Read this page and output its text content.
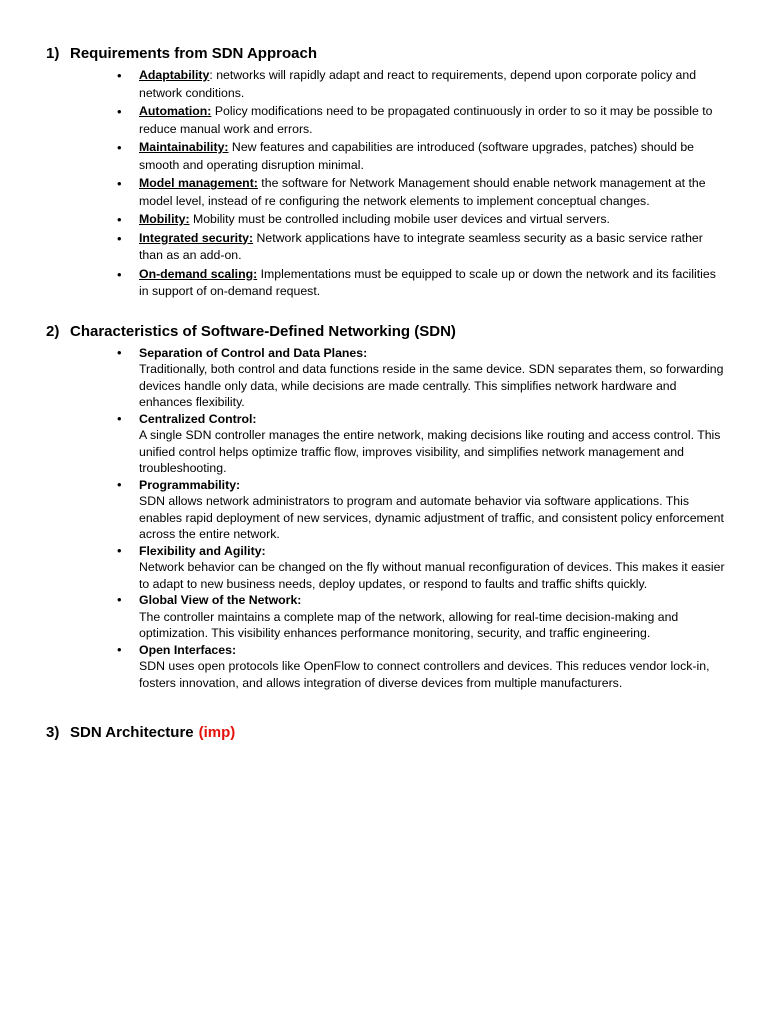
1) Requirements from SDN Approach
• Adaptability: networks will rapidly adapt and react to requirements, depend upon corporate policy and network conditions.
• Automation: Policy modifications need to be propagated continuously in order to so it may be possible to reduce manual work and errors.
• Maintainability: New features and capabilities are introduced (software upgrades, patches) should be smooth and operating disruption minimal.
• Model management: the software for Network Management should enable network management at the model level, instead of re configuring the network elements to implement conceptual changes.
• Mobility: Mobility must be controlled including mobile user devices and virtual servers.
• Integrated security: Network applications have to integrate seamless security as a basic service rather than as an add-on.
• On-demand scaling: Implementations must be equipped to scale up or down the network and its facilities in support of on-demand request.
2) Characteristics of Software-Defined Networking (SDN)
• Separation of Control and Data Planes:
Traditionally, both control and data functions reside in the same device. SDN separates them, so forwarding devices handle only data, while decisions are made centrally. This simplifies network hardware and enhances flexibility.
• Centralized Control:
A single SDN controller manages the entire network, making decisions like routing and access control. This unified control helps optimize traffic flow, improves visibility, and simplifies network management and troubleshooting.
• Programmability:
SDN allows network administrators to program and automate behavior via software applications. This enables rapid deployment of new services, dynamic adjustment of traffic, and consistent policy enforcement across the entire network.
• Flexibility and Agility:
Network behavior can be changed on the fly without manual reconfiguration of devices. This makes it easier to adapt to new business needs, deploy updates, or respond to faults and traffic shifts quickly.
• Global View of the Network:
The controller maintains a complete map of the network, allowing for real-time decision-making and optimization. This visibility enhances performance monitoring, security, and traffic engineering.
• Open Interfaces:
SDN uses open protocols like OpenFlow to connect controllers and devices. This reduces vendor lock-in, fosters innovation, and allows integration of diverse devices from multiple manufacturers.
3) SDN Architecture (imp)
